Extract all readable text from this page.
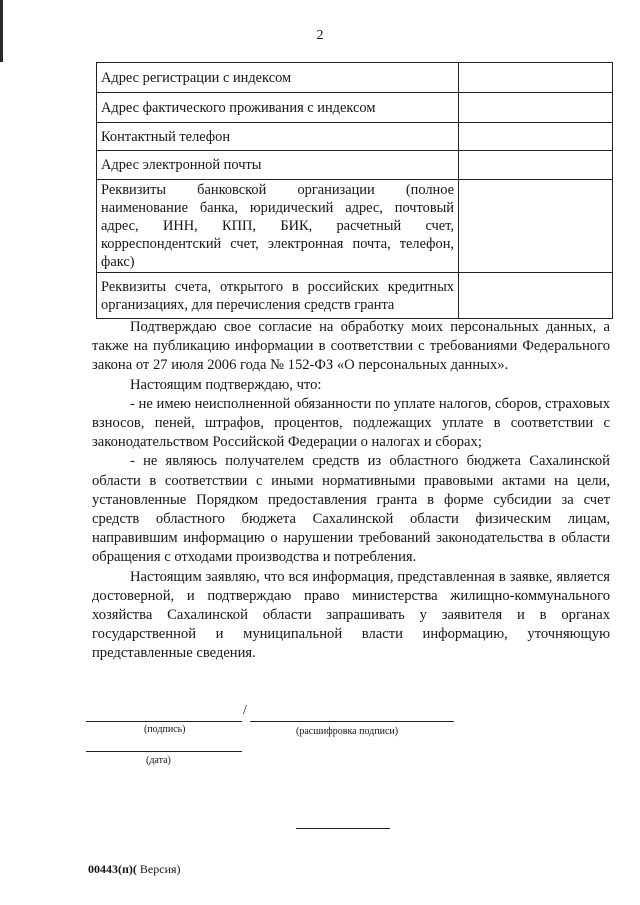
2
Адрес регистрации с индексом	
Адрес фактического проживания с индексом	
Контактный телефон	
Адрес электронной почты	
Реквизиты банковской организации (полное наименование банка, юридический адрес, почтовый адрес, ИНН, КПП, БИК, расчетный счет, корреспондентский счет, электронная почта, телефон, факс)	
Реквизиты счета, открытого в российских кредитных организациях, для перечисления средств гранта	

Подтверждаю свое согласие на обработку моих персональных данных, а также на публикацию информации в соответствии с требованиями Федерального закона от 27 июля 2006 года № 152-ФЗ «О персональных данных».

Настоящим подтверждаю, что:

- не имею неисполненной обязанности по уплате налогов, сборов, страховых взносов, пеней, штрафов, процентов, подлежащих уплате в соответствии с законодательством Российской Федерации о налогах и сборах;

- не являюсь получателем средств из областного бюджета Сахалинской области в соответствии с иными нормативными правовыми актами на цели, установленные Порядком предоставления гранта в форме субсидии за счет средств областного бюджета Сахалинской области физическим лицам, направившим информацию о нарушении требований законодательства в области обращения с отходами производства и потребления.

Настоящим заявляю, что вся информация, представленная в заявке, является достоверной, и подтверждаю право министерства жилищно-коммунального хозяйства Сахалинской области запрашивать у заявителя и в органах государственной и муниципальной власти информацию, уточняющую представленные сведения.

/
(подпись)	(расшифровка подписи)
(дата)
00443(п)( Версия)
